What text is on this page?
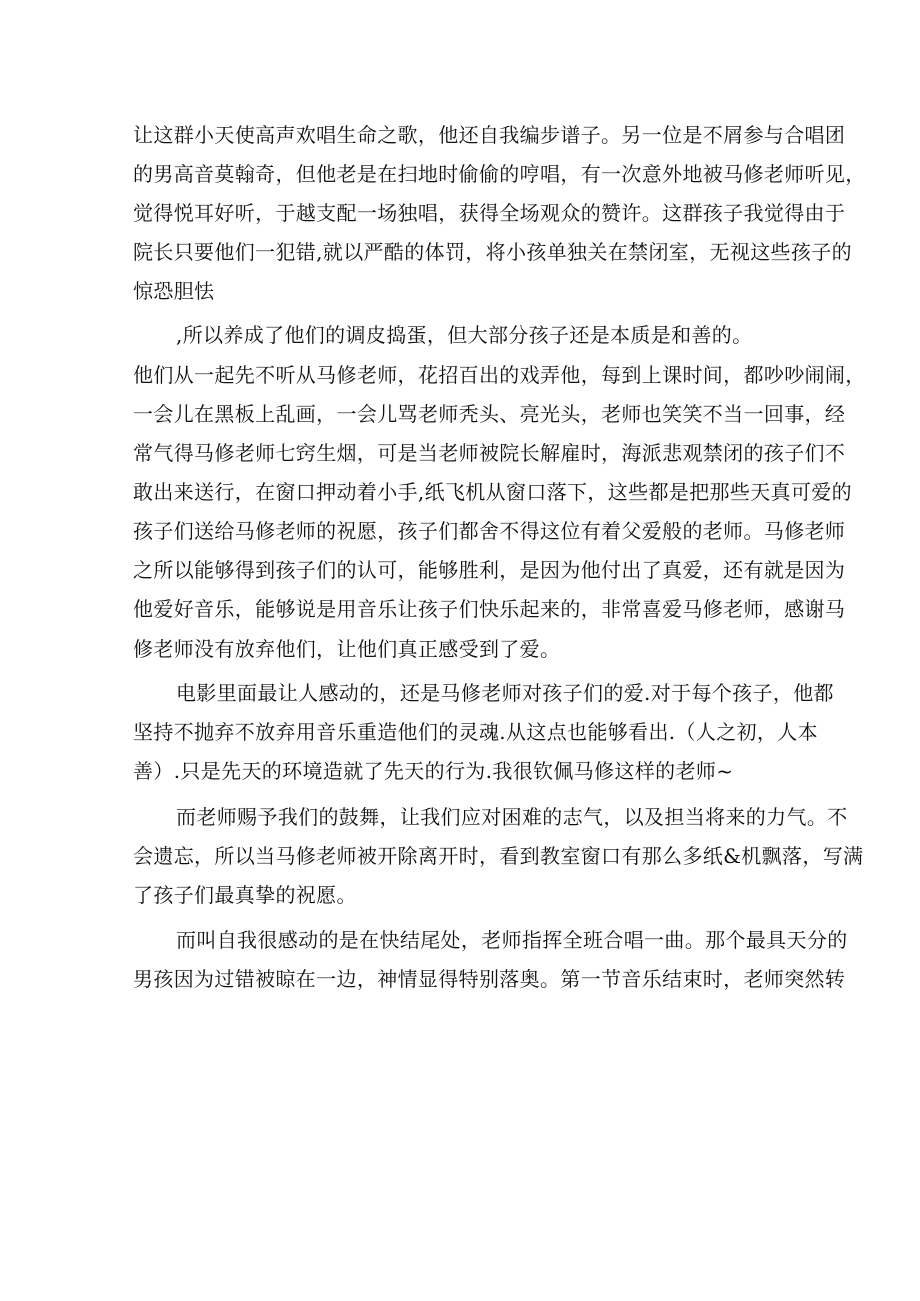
让这群小天使高声欢唱生命之歌，他还自我编步谱子。另一位是不屑参与合唱团
的男高音莫翰奇，但他老是在扫地时偷偷的哼唱，有一次意外地被马修老师听见，
觉得悦耳好听，于越支配一场独唱，获得全场观众的赞许。这群孩子我觉得由于
院长只要他们一犯错,就以严酷的体罚，将小孩单独关在禁闭室，无视这些孩子的
惊恐胆怯
,所以养成了他们的调皮捣蛋，但大部分孩子还是本质是和善的。
他们从一起先不听从马修老师，花招百出的戏弄他，每到上课时间，都吵吵闹闹，
一会儿在黑板上乱画，一会儿骂老师秃头、亮光头，老师也笑笑不当一回事，经
常气得马修老师七窍生烟，可是当老师被院长解雇时，海派悲观禁闭的孩子们不
敢出来送行，在窗口押动着小手,纸飞机从窗口落下，这些都是把那些天真可爱的
孩子们送给马修老师的祝愿，孩子们都舍不得这位有着父爱般的老师。马修老师
之所以能够得到孩子们的认可，能够胜利，是因为他付出了真爱，还有就是因为
他爱好音乐，能够说是用音乐让孩子们快乐起来的，非常喜爱马修老师，感谢马
修老师没有放弃他们，让他们真正感受到了爱。
电影里面最让人感动的，还是马修老师对孩子们的爱.对于每个孩子，他都
坚持不抛弃不放弃用音乐重造他们的灵魂.从这点也能够看出.（人之初，人本
善）.只是先天的环境造就了先天的行为.我很钦佩马修这样的老师~
而老师赐予我们的鼓舞，让我们应对困难的志气，以及担当将来的力气。不
会遗忘，所以当马修老师被开除离开时，看到教室窗口有那么多纸&机飘落，写满
了孩子们最真挚的祝愿。
而叫自我很感动的是在快结尾处，老师指挥全班合唱一曲。那个最具天分的
男孩因为过错被晾在一边，神情显得特别落奥。第一节音乐结束时，老师突然转
